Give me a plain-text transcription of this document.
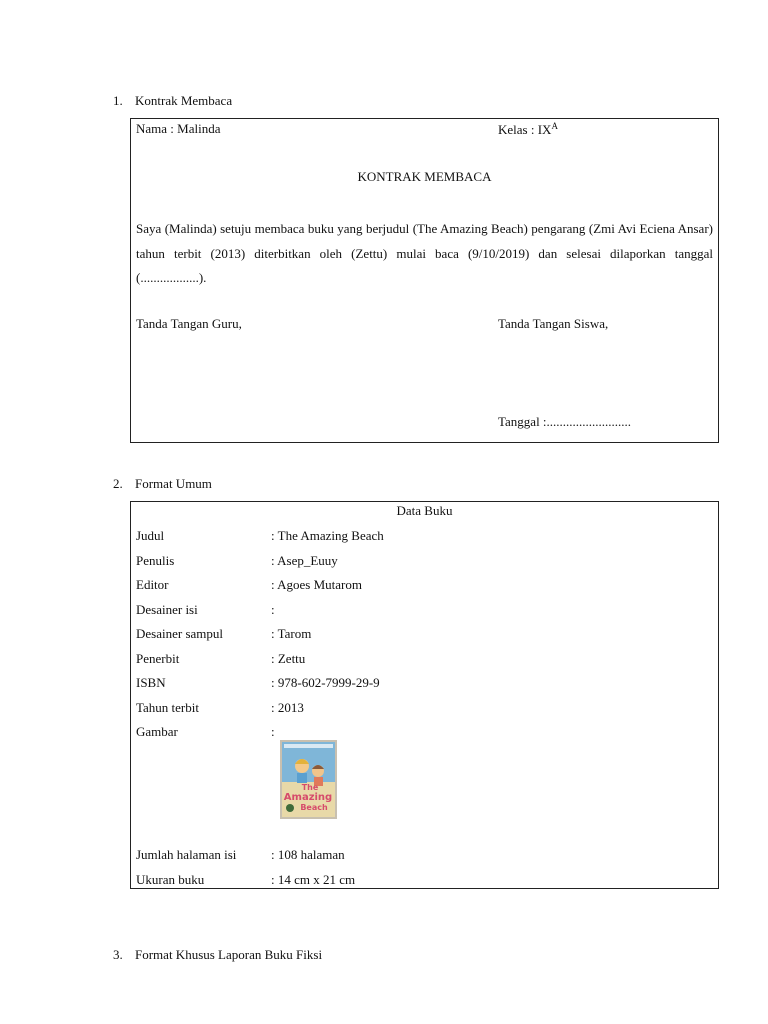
1. Kontrak Membaca
Nama : Malinda	Kelas : $IX^A$
KONTRAK MEMBACA
Saya (Malinda) setuju membaca buku yang berjudul (The Amazing Beach) pengarang (Zmi Avi Eciena Ansar) tahun terbit (2013) diterbitkan oleh (Zettu) mulai baca (9/10/2019) dan selesai dilaporkan tanggal (..................).
Tanda Tangan Guru,	Tanda Tangan Siswa,
Tanggal :..........................
2. Format Umum
Data Buku
Judul	: The Amazing Beach
Penulis	: Asep_Euuy
Editor	: Agoes Mutarom
Desainer isi	:
Desainer sampul	: Tarom
Penerbit	: Zettu
ISBN	: 978-602-7999-29-9
Tahun terbit	: 2013
Gambar	:
The
Amazing
Beach
Jumlah halaman isi	: 108 halaman
Ukuran buku	: 14 cm x 21 cm
3. Format Khusus Laporan Buku Fiksi
